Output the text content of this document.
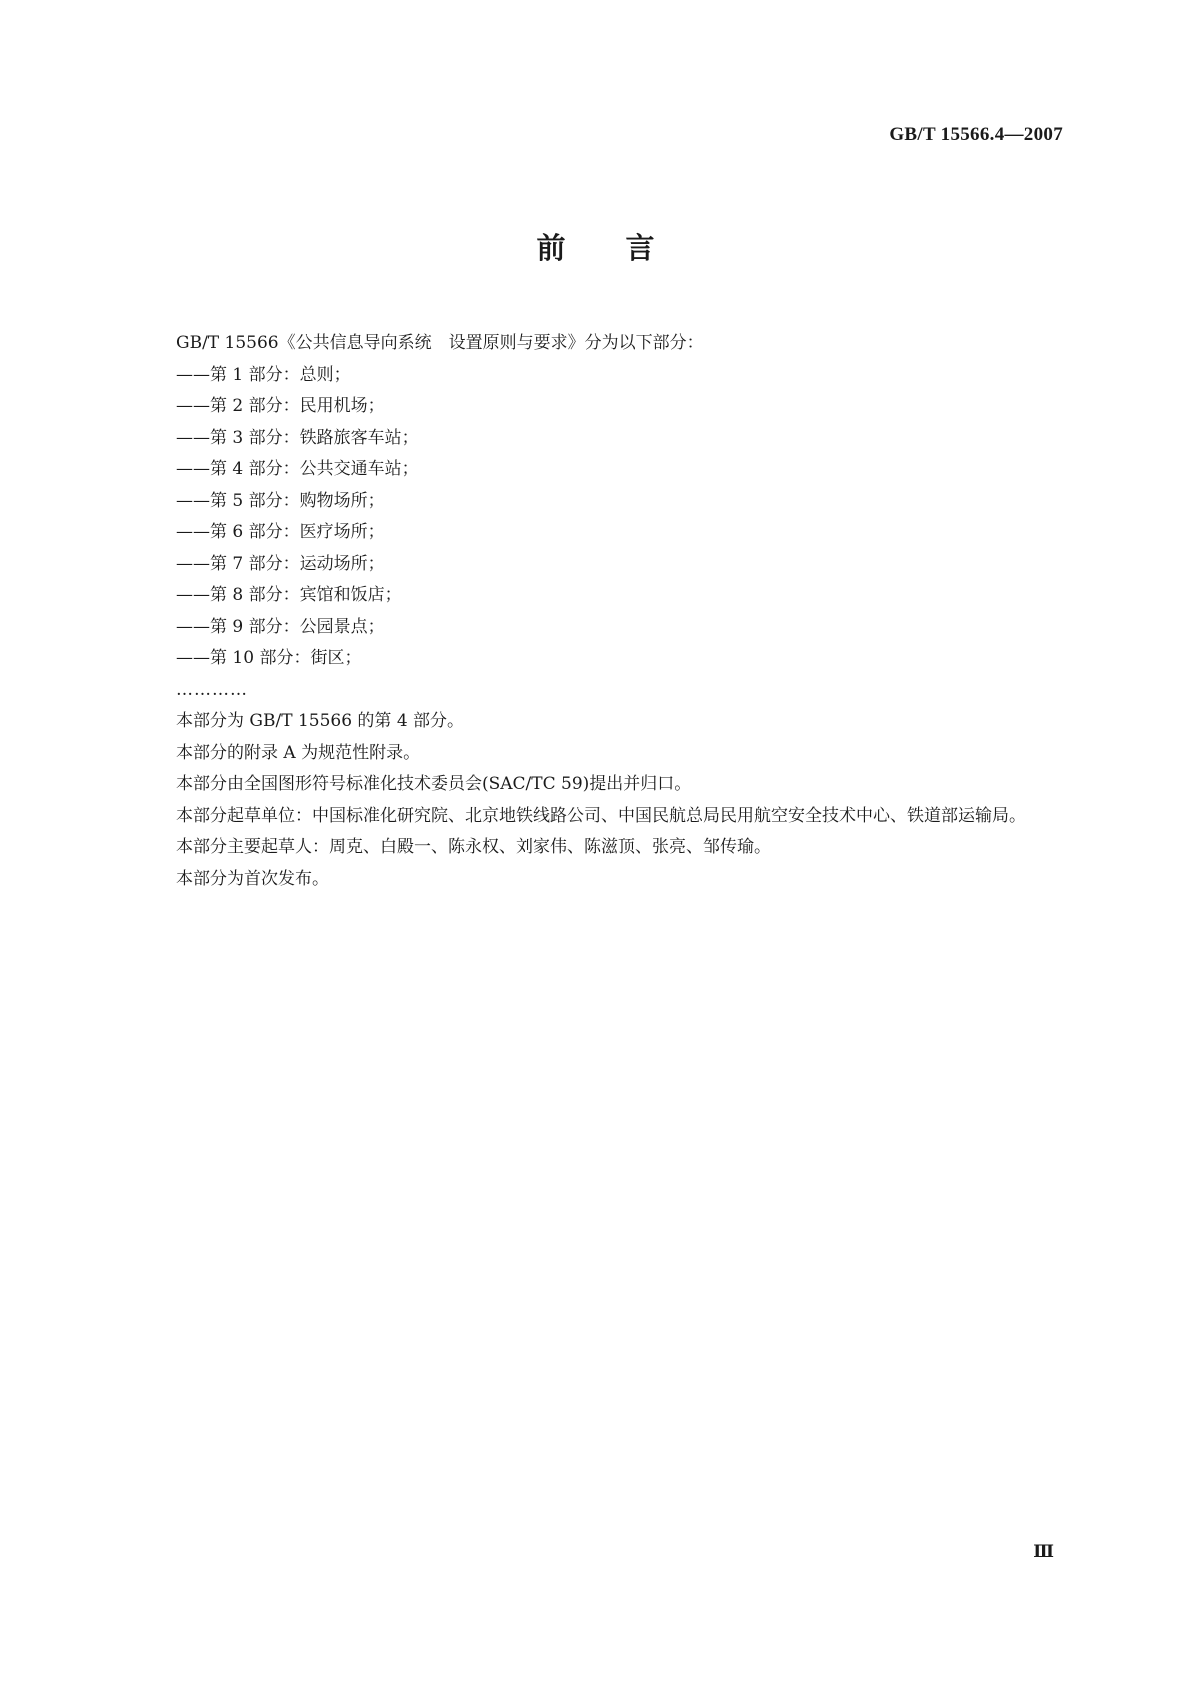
GB/T 15566.4—2007
前 言

GB/T 15566《公共信息导向系统　设置原则与要求》分为以下部分：

——第 1 部分：总则；

——第 2 部分：民用机场；

——第 3 部分：铁路旅客车站；

——第 4 部分：公共交通车站；

——第 5 部分：购物场所；

——第 6 部分：医疗场所；

——第 7 部分：运动场所；

——第 8 部分：宾馆和饭店；

——第 9 部分：公园景点；

——第 10 部分：街区；

…………

本部分为 GB/T 15566 的第 4 部分。

本部分的附录 A 为规范性附录。

本部分由全国图形符号标准化技术委员会(SAC/TC 59)提出并归口。

本部分起草单位：中国标准化研究院、北京地铁线路公司、中国民航总局民用航空安全技术中心、铁道部运输局。

本部分主要起草人：周克、白殿一、陈永权、刘家伟、陈滋顶、张亮、邹传瑜。

本部分为首次发布。

Ⅲ
